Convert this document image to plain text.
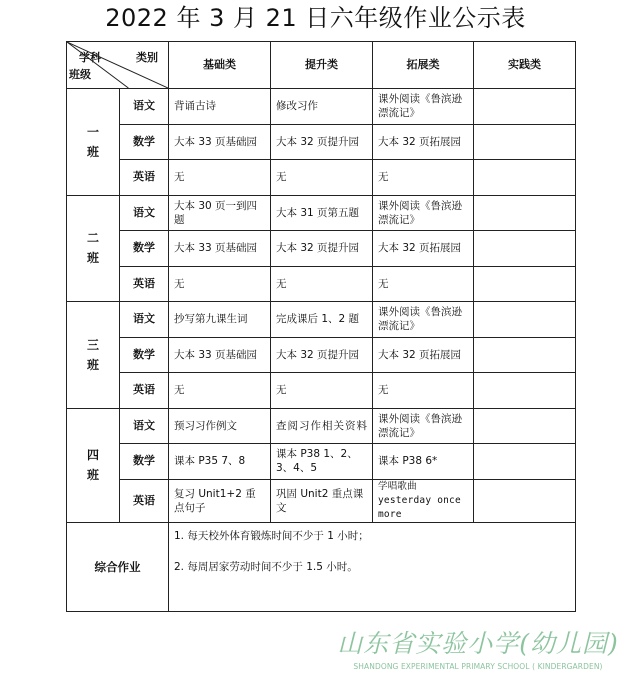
2022 年 3 月 21 日六年级作业公示表
学科 类别
班级		基础类	提升类	拓展类	实践类

一
班	语文	背诵古诗	修改习作	课外阅读《鲁滨逊漂流记》	
	数学	大本 33 页基础园	大本 32 页提升园	大本 32 页拓展园	
	英语	无	无	无	

二
班	语文	大本 30 页一到四题	大本 31 页第五题	课外阅读《鲁滨逊漂流记》	
	数学	大本 33 页基础园	大本 32 页提升园	大本 32 页拓展园	
	英语	无	无	无	

三
班	语文	抄写第九课生词	完成课后 1、2 题	课外阅读《鲁滨逊漂流记》	
	数学	大本 33 页基础园	大本 32 页提升园	大本 32 页拓展园	
	英语	无	无	无	

四
班	语文	预习习作例文	查阅习作相关资料	课外阅读《鲁滨逊漂流记》	
	数学	课本 P35 7、8	课本 P38 1、2、3、4、5	课本 P38 6*	
	英语	复习 Unit1+2 重点句子	巩固 Unit2 重点课文	学唱歌曲 yesterday once more	
综合作业		1. 每天校外体育锻炼时间不少于 1 小时；

2. 每周居家劳动时间不少于 1.5 小时。			

山东省实验小学(幼儿园)
SHANDONG EXPERIMENTAL PRIMARY SCHOOL ( KINDERGARDEN)
